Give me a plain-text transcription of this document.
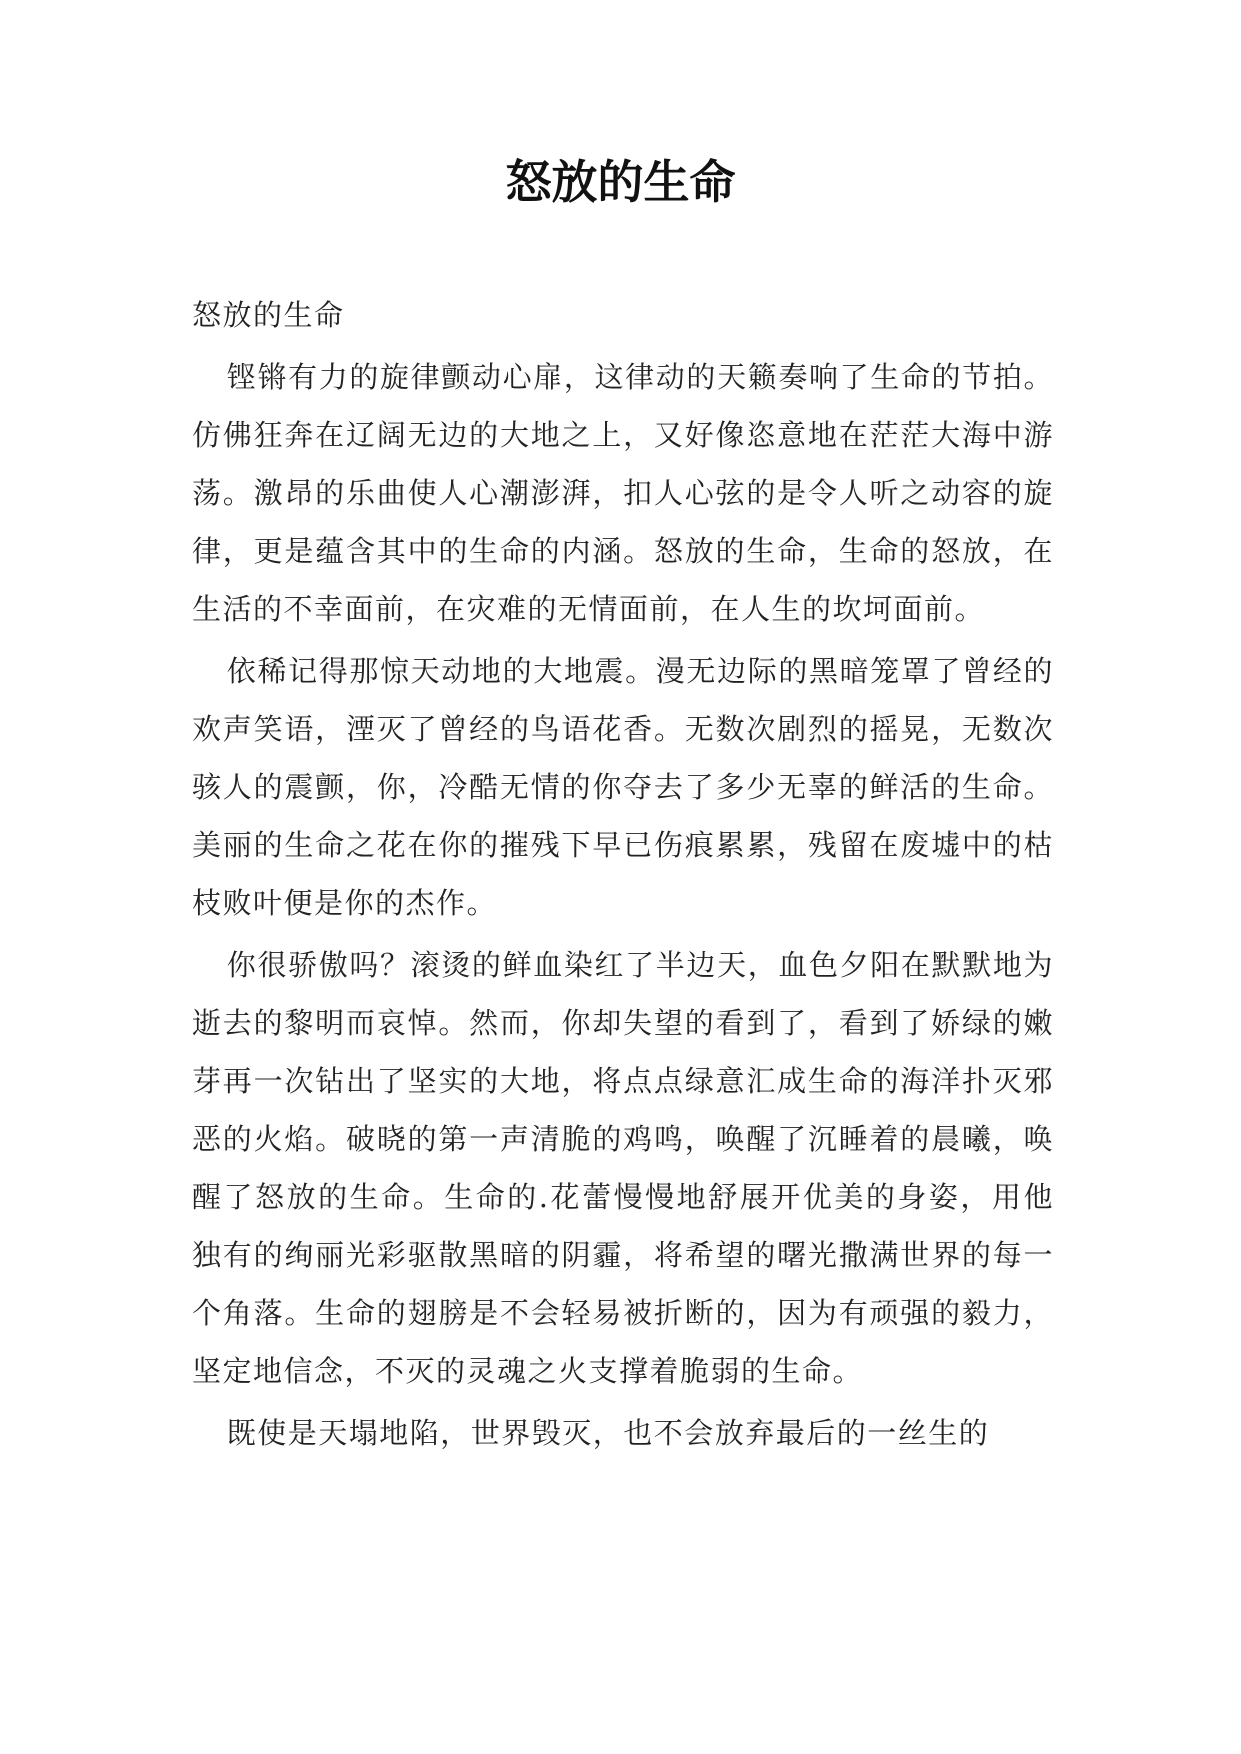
怒放的生命

怒放的生命

铿锵有力的旋律颤动心扉，这律动的天籁奏响了生命的节拍。仿佛狂奔在辽阔无边的大地之上，又好像恣意地在茫茫大海中游荡。激昂的乐曲使人心潮澎湃，扣人心弦的是令人听之动容的旋律，更是蕴含其中的生命的内涵。怒放的生命，生命的怒放，在生活的不幸面前，在灾难的无情面前，在人生的坎坷面前。

依稀记得那惊天动地的大地震。漫无边际的黑暗笼罩了曾经的欢声笑语，湮灭了曾经的鸟语花香。无数次剧烈的摇晃，无数次骇人的震颤，你，冷酷无情的你夺去了多少无辜的鲜活的生命。美丽的生命之花在你的摧残下早已伤痕累累，残留在废墟中的枯枝败叶便是你的杰作。

你很骄傲吗？滚烫的鲜血染红了半边天，血色夕阳在默默地为逝去的黎明而哀悼。然而，你却失望的看到了，看到了娇绿的嫩芽再一次钻出了坚实的大地，将点点绿意汇成生命的海洋扑灭邪恶的火焰。破晓的第一声清脆的鸡鸣，唤醒了沉睡着的晨曦，唤醒了怒放的生命。生命的.花蕾慢慢地舒展开优美的身姿，用他独有的绚丽光彩驱散黑暗的阴霾，将希望的曙光撒满世界的每一个角落。生命的翅膀是不会轻易被折断的，因为有顽强的毅力，坚定地信念，不灭的灵魂之火支撑着脆弱的生命。

既使是天塌地陷，世界毁灭，也不会放弃最后的一丝生的
